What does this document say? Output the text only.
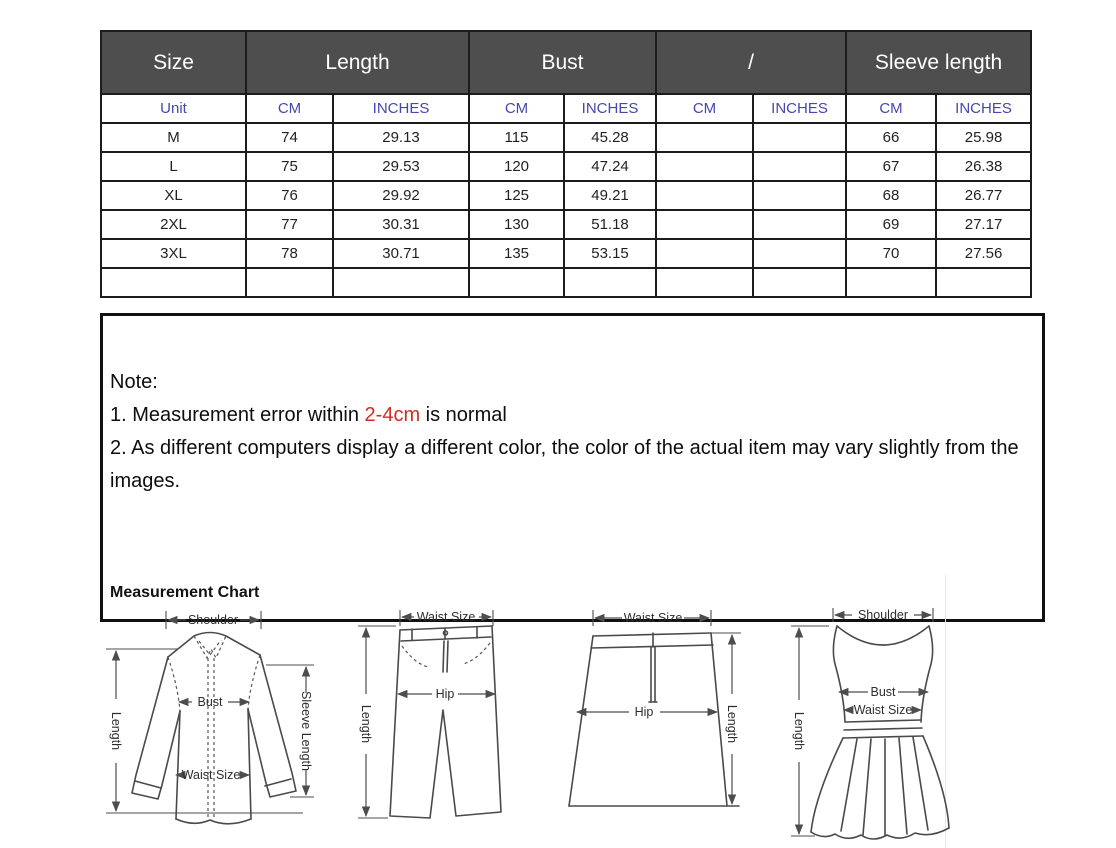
Size	Length		Bust		/		Sleeve length	
Unit	CM	INCHES	CM	INCHES	CM	INCHES	CM	INCHES
M	74	29.13	115	45.28			66	25.98
L	75	29.53	120	47.24			67	26.38
XL	76	29.92	125	49.21			68	26.77
2XL	77	30.31	130	51.18			69	27.17
3XL	78	30.71	135	53.15			70	27.56

Note:

1. Measurement error within 2-4cm is normal

2. As different computers display a different color, the color of the actual item may vary slightly from the images.

Measurement Chart
Shoulder
Length
Bust
Waist Size
Sleeve Length
Waist Size
Hip
Length
Waist Size
Hip	Length
Shoulder
Bust
Waist Size
Length
